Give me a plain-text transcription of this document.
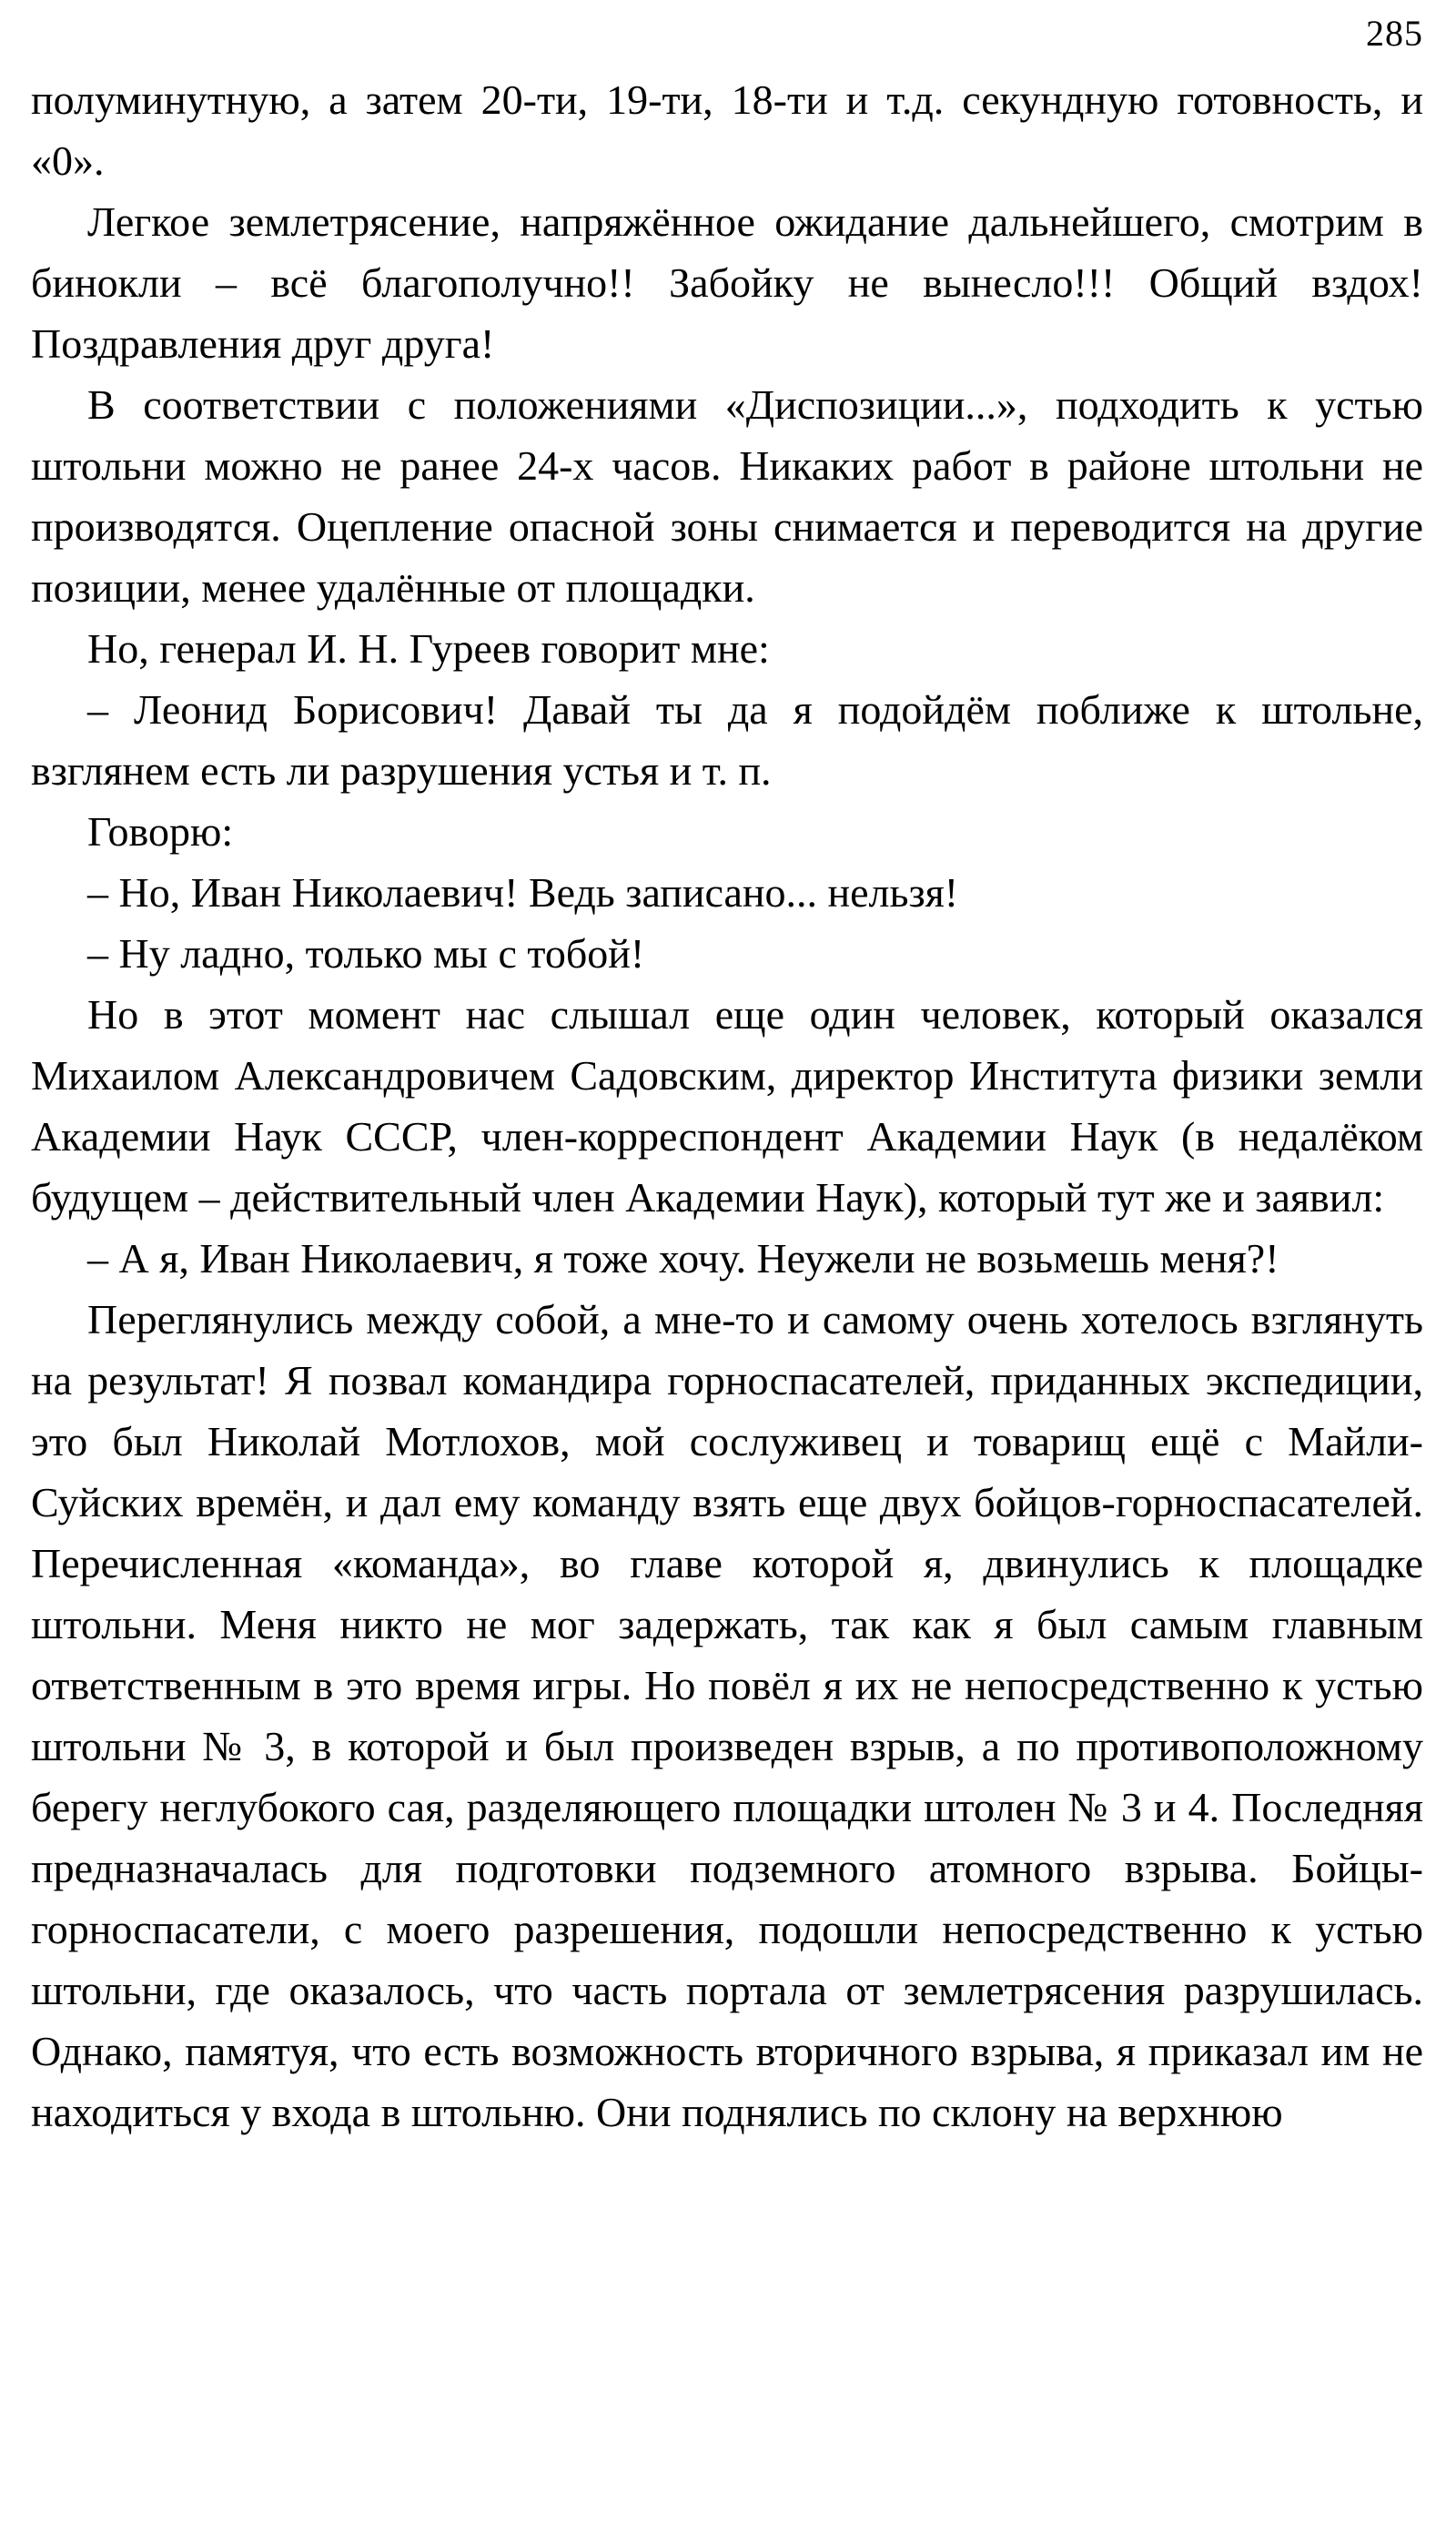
285

полуминутную, а затем 20-ти, 19-ти, 18-ти и т.д. секундную готовность, и «0».

Легкое землетрясение, напряжённое ожидание дальнейшего, смотрим в бинокли – всё благополучно!! Забойку не вынесло!!! Общий вздох! Поздравления друг друга!

В соответствии с положениями «Диспозиции...», подходить к устью штольни можно не ранее 24-х часов. Никаких работ в районе штольни не производятся. Оцепление опасной зоны снимается и переводится на другие позиции, менее удалённые от площадки.

Но, генерал И. Н. Гуреев говорит мне:

– Леонид Борисович! Давай ты да я подойдём поближе к штольне, взглянем есть ли разрушения устья и т. п.

Говорю:

– Но, Иван Николаевич! Ведь записано... нельзя!

– Ну ладно, только мы с тобой!

Но в этот момент нас слышал еще один человек, который оказался Михаилом Александровичем Садовским, директор Института физики земли Академии Наук СССР, член-корреспондент Академии Наук (в недалёком будущем – действительный член Академии Наук), который тут же и заявил:

– А я, Иван Николаевич, я тоже хочу. Неужели не возьмешь меня?!

Переглянулись между собой, а мне-то и самому очень хотелось взглянуть на результат! Я позвал командира горноспасателей, приданных экспедиции, это был Николай Мотлохов, мой сослуживец и товарищ ещё с Майли-Суйских времён, и дал ему команду взять еще двух бойцов-горноспасателей. Перечисленная «команда», во главе которой я, двинулись к площадке штольни. Меня никто не мог задержать, так как я был самым главным ответственным в это время игры. Но повёл я их не непосредственно к устью штольни № 3, в которой и был произведен взрыв, а по противоположному берегу неглубокого сая, разделяющего площадки штолен № 3 и 4. Последняя предназначалась для подготовки подземного атомного взрыва. Бойцы-горноспасатели, с моего разрешения, подошли непосредственно к устью штольни, где оказалось, что часть портала от землетрясения разрушилась. Однако, памятуя, что есть возможность вторичного взрыва, я приказал им не находиться у входа в штольню. Они поднялись по склону на верхнюю
